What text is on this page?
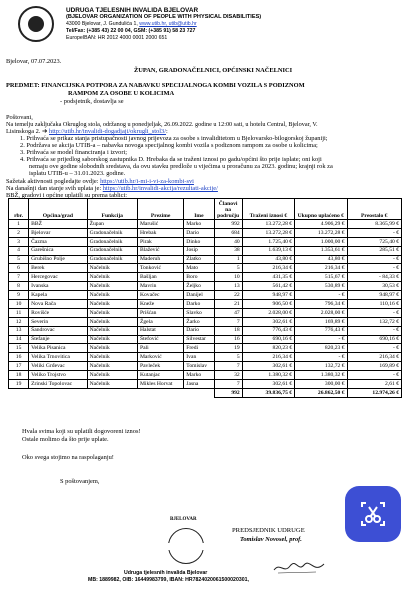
UDRUGA TJELESNIH INVALIDA BJELOVAR
(BJELOVAR ORGANIZATION OF PEOPLE WITH PHYSICAL DISABILITIES)
43000 Bjelovar, J. Gundulića 1, www.utib.hr, utib@utib.hr
Tel/Fax: (+385 43) 22 00 04, GSM: (+385 91) 58 23 727
EuropeIBAN: HR 2012 4000 0001 2000 651
Bjelovar, 07.07.2023.
ŽUPAN, GRADONAČELNICI, OPĆINSKI NAČELNICI
PREDMET: FINANCIJSKA POTPORA ZA NABAVKU SPECIJALNOGA KOMBI VOZILA S PODIZNOM
RAMPOM ZA OSOBE U KOLICIMA
- podsjetnik, dostavlja se
Poštovani,
Na temelju zaključaka Okruglog stola, održanog u ponedjeljak, 26.09.2022. godine u 12:00 sati, u hotelu Central, Bjelovar, V.
Lisinskoga 2. ➔ http://utib.hr/invalidi-dogadjaji/okrugli_stol3/:
1. Prihvaća se prikaz stanja pristupačnosti javnog prijevoza za osobe s invaliditetom u Bjelovarsko-bilogorskoj županiji;
2. Podržava se akcija UTIB-a – nabavka novoga specijalnog kombi vozila s podiznom rampom za osobe u kolicima;
3. Prihvaća se model financiranja i izvori;
4. Prihvaća se prijedlog saborskog zastupnika D. Hrebaka da se traženi iznosi po gadu/općini što prije isplate; oni koji
nemaju ove godine slobodnih sredstava, da ovu stavku predlože u vijećima u proračunu za 2023. godinu; krajnji rok za
isplatu UTIB-u – 31.01.2023. godine.
Sažetak aktivnosti pogledajte ovdje: https://utib.hr/i-mi-i-vi-za-kombi-svi
Na današnji dan stanje svih uplata je: https://utib.hr/invalidi-akcija/rezultati-akcije/
BBŽ, gradovi i općine uplatili su prema tablici:
rbr.	Općina/grad	Funkcija	Prezime	Ime	Članovi na području	Traženi iznosi €	Ukupno uplaćeno €	Preostalo €
1	BBŽ	Župan	Marušić	Marko	992	13.272,28 €	4.906,29 €	8.365,99 €
2	Bjelovar	Gradonačelnik	Hrebak	Dario	684	13.272,28 €	13.272,28 €	- €
3	Čazma	Gradonačelnik	Pirak	Dinko	40	1.725,40 €	1.000,00 €	725,40 €
4	Garešnica	Gradonačelnik	Blažević	Josip	38	1.639,13 €	1.353,61 €	285,51 €
5	Grubišno Polje	Gradonačelnik	Maderuh	Zlatko	1	43,80 €	43,80 €	- €
6	Berek	Načelnik	Tonković	Mato	5	216,34 €	216,34 €	- €
7	Hercegovac	Načelnik	Bašljan	Boro	10	431,35 €	515,67 €	- 84,33 €
8	Ivanska	Načelnik	Mavrin	Željko	13	561,42 €	530,89 €	30,53 €
9	Kapela	Načelnik	Kovačec	Danijel	22	948,97 €	- €	948,97 €
10	Nova Rača	Načelnik	Kneže	Darko	21	906,50 €	796,34 €	110,16 €
11	Rovišće	Načelnik	Prišćan	Slavko	47	2.028,00 €	2.028,00 €	- €
12	Severin	Načelnik	Žgela	Žarko	7	302,61 €	169,89 €	132,72 €
13	Šandrovac	Načelnik	Halstat	Dario	18	776,43 €	776,43 €	- €
14	Štefanje	Načelnik	Štefović	Silvestar	16	690,16 €	- €	690,16 €
15	Velika Pisanica	Načelnik	Pali	Fredi	19	820,23 €	820,23 €	- €
16	Velika Trnovitica	Načelnik	Marković	Ivan	5	216,34 €	- €	216,34 €
17	Veliki Grđevac	Načelnik	Pavleček	Tomislav	7	302,61 €	132,72 €	169,89 €
18	Veliko Trojstvo	Načelnik	Kutanjac	Marko	32	1.380,32 €	1.380,32 €	- €
19	Zrinski Topolovac	Načelnik	Mikles Horvat	Jasna	7	302,61 €	300,00 €	2,61 €
					992	39.836,75 €	26.862,50 €	12.974,26 €
Hvala svima koji su uplatili dogovoreni iznos!
Ostale molimo da što prije uplate.
Oko svega stojimo na raspolaganju!
S poštovanjem,
BJELOVAR
PREDSJEDNIK UDRUGE
Tomislav Novosel, prof.
Udruga tjelesnih invalida Bjelovar
MB: 1889982, OIB: 16449983799, IBAN: HR7824020061500020301,
